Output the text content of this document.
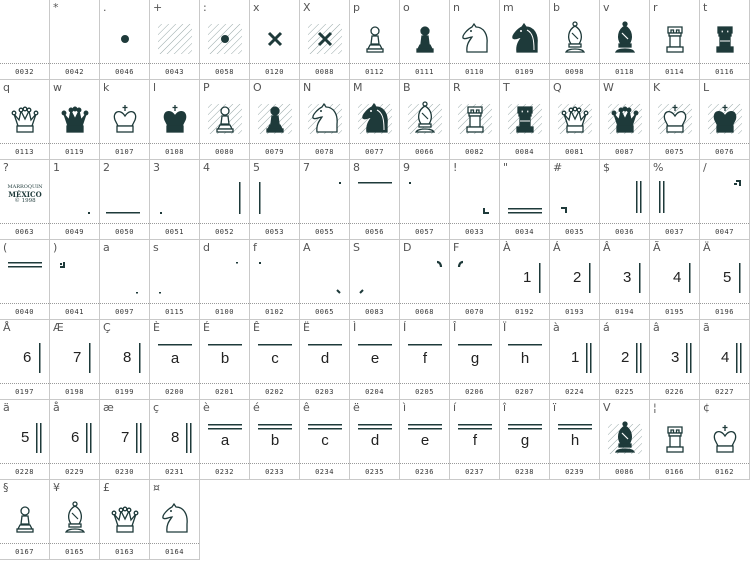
0032
*
0042
.
0046
+
0043
:
0058
x
0120
X
0088
p
0112
o
0111
n
0110
m
0109
b
0098
v
0118
r
0114
t
0116
q
0113
w
0119
k
0107
l
0108
P
0080
O
0079
N
0078
M
0077
B
0066
R
0082
T
0084
Q
0081
W
0087
K
0075
L
0076
MARROQUIN
MÉXICO
© 1998
?
0063
1
0049
2
0050
3
0051
4
0052
5
0053
7
0055
8
0056
9
0057
!
0033
"
0034
#
0035
$
0036
%
0037
/
0047
(
0040
)
0041
a
0097
s
0115
d
0100
f
0102
A
0065
S
0083
D
0068
F
0070
1
À
0192
2
Á
0193
3
Â
0194
4
Ã
0195
5
Ä
0196
6
Å
0197
7
Æ
0198
8
Ç
0199
a
È
0200
b
É
0201
c
Ê
0202
d
Ë
0203
e
Ì
0204
f
Í
0205
g
Î
0206
h
Ï
0207
1
à
0224
2
á
0225
3
â
0226
4
ã
0227
5
ä
0228
6
å
0229
7
æ
0230
8
ç
0231
a
è
0232
b
é
0233
c
ê
0234
d
ë
0235
e
ì
0236
f
í
0237
g
î
0238
h
ï
0239
V
0086
¦
0166
¢
0162
§
0167
¥
0165
£
0163
¤
0164
